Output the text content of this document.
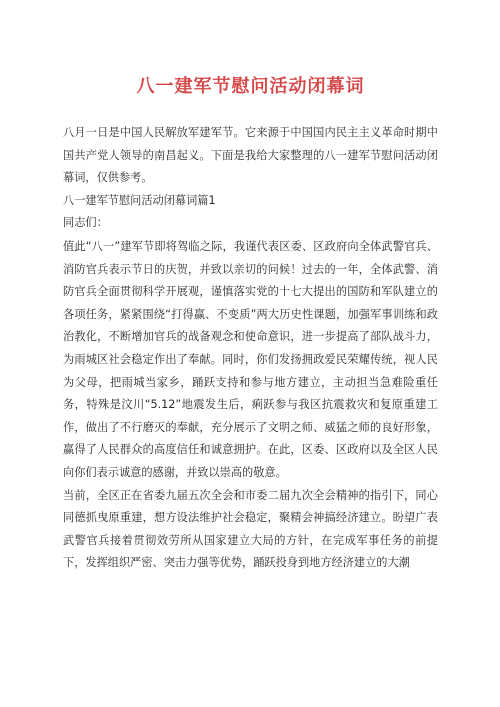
八一建军节慰问活动闭幕词

八月一日是中国人民解放军建军节。它来源于中国国内民主主义革命时期中国共产党人领导的南昌起义。下面是我给大家整理的八一建军节慰问活动闭幕词，仅供参考。

八一建军节慰问活动闭幕词篇1

同志们：

值此“八一”建军节即将驾临之际，我谨代表区委、区政府向全体武警官兵、消防官兵表示节日的庆贺，并致以亲切的问候！过去的一年，全体武警、消防官兵全面贯彻科学开展观，谨慎落实党的十七大提出的国防和军队建立的各项任务，紧紧围绕“打得赢、不变质”两大历史性课题，加强军事训练和政治教化，不断增加官兵的战备观念和使命意识，进一步提高了部队战斗力，为雨城区社会稳定作出了奉献。同时，你们发扬拥政爱民荣耀传统，视人民为父母，把雨城当家乡，踊跃支持和参与地方建立，主动担当急难险重任务，特殊是汶川“5.12”地震发生后，痢跃参与我区抗震救灾和复原重建工作，做出了不行磨灭的奉献，充分展示了文明之师、威猛之师的良好形象，赢得了人民群众的高度信任和诚意拥护。在此，区委、区政府以及全区人民向你们表示诚意的感谢，并致以崇高的敬意。

当前，全区正在省委九届五次全会和市委二届九次全会精神的指引下，同心同德抓曳原重建，想方设法维护社会稳定，聚精会神搞经济建立。盼望广表武警官兵接着贯彻效劳所从国家建立大局的方针，在完成军事任务的前提下，发挥组织严密、突击力强等优势，踊跃投身到地方经济建立的大潮
